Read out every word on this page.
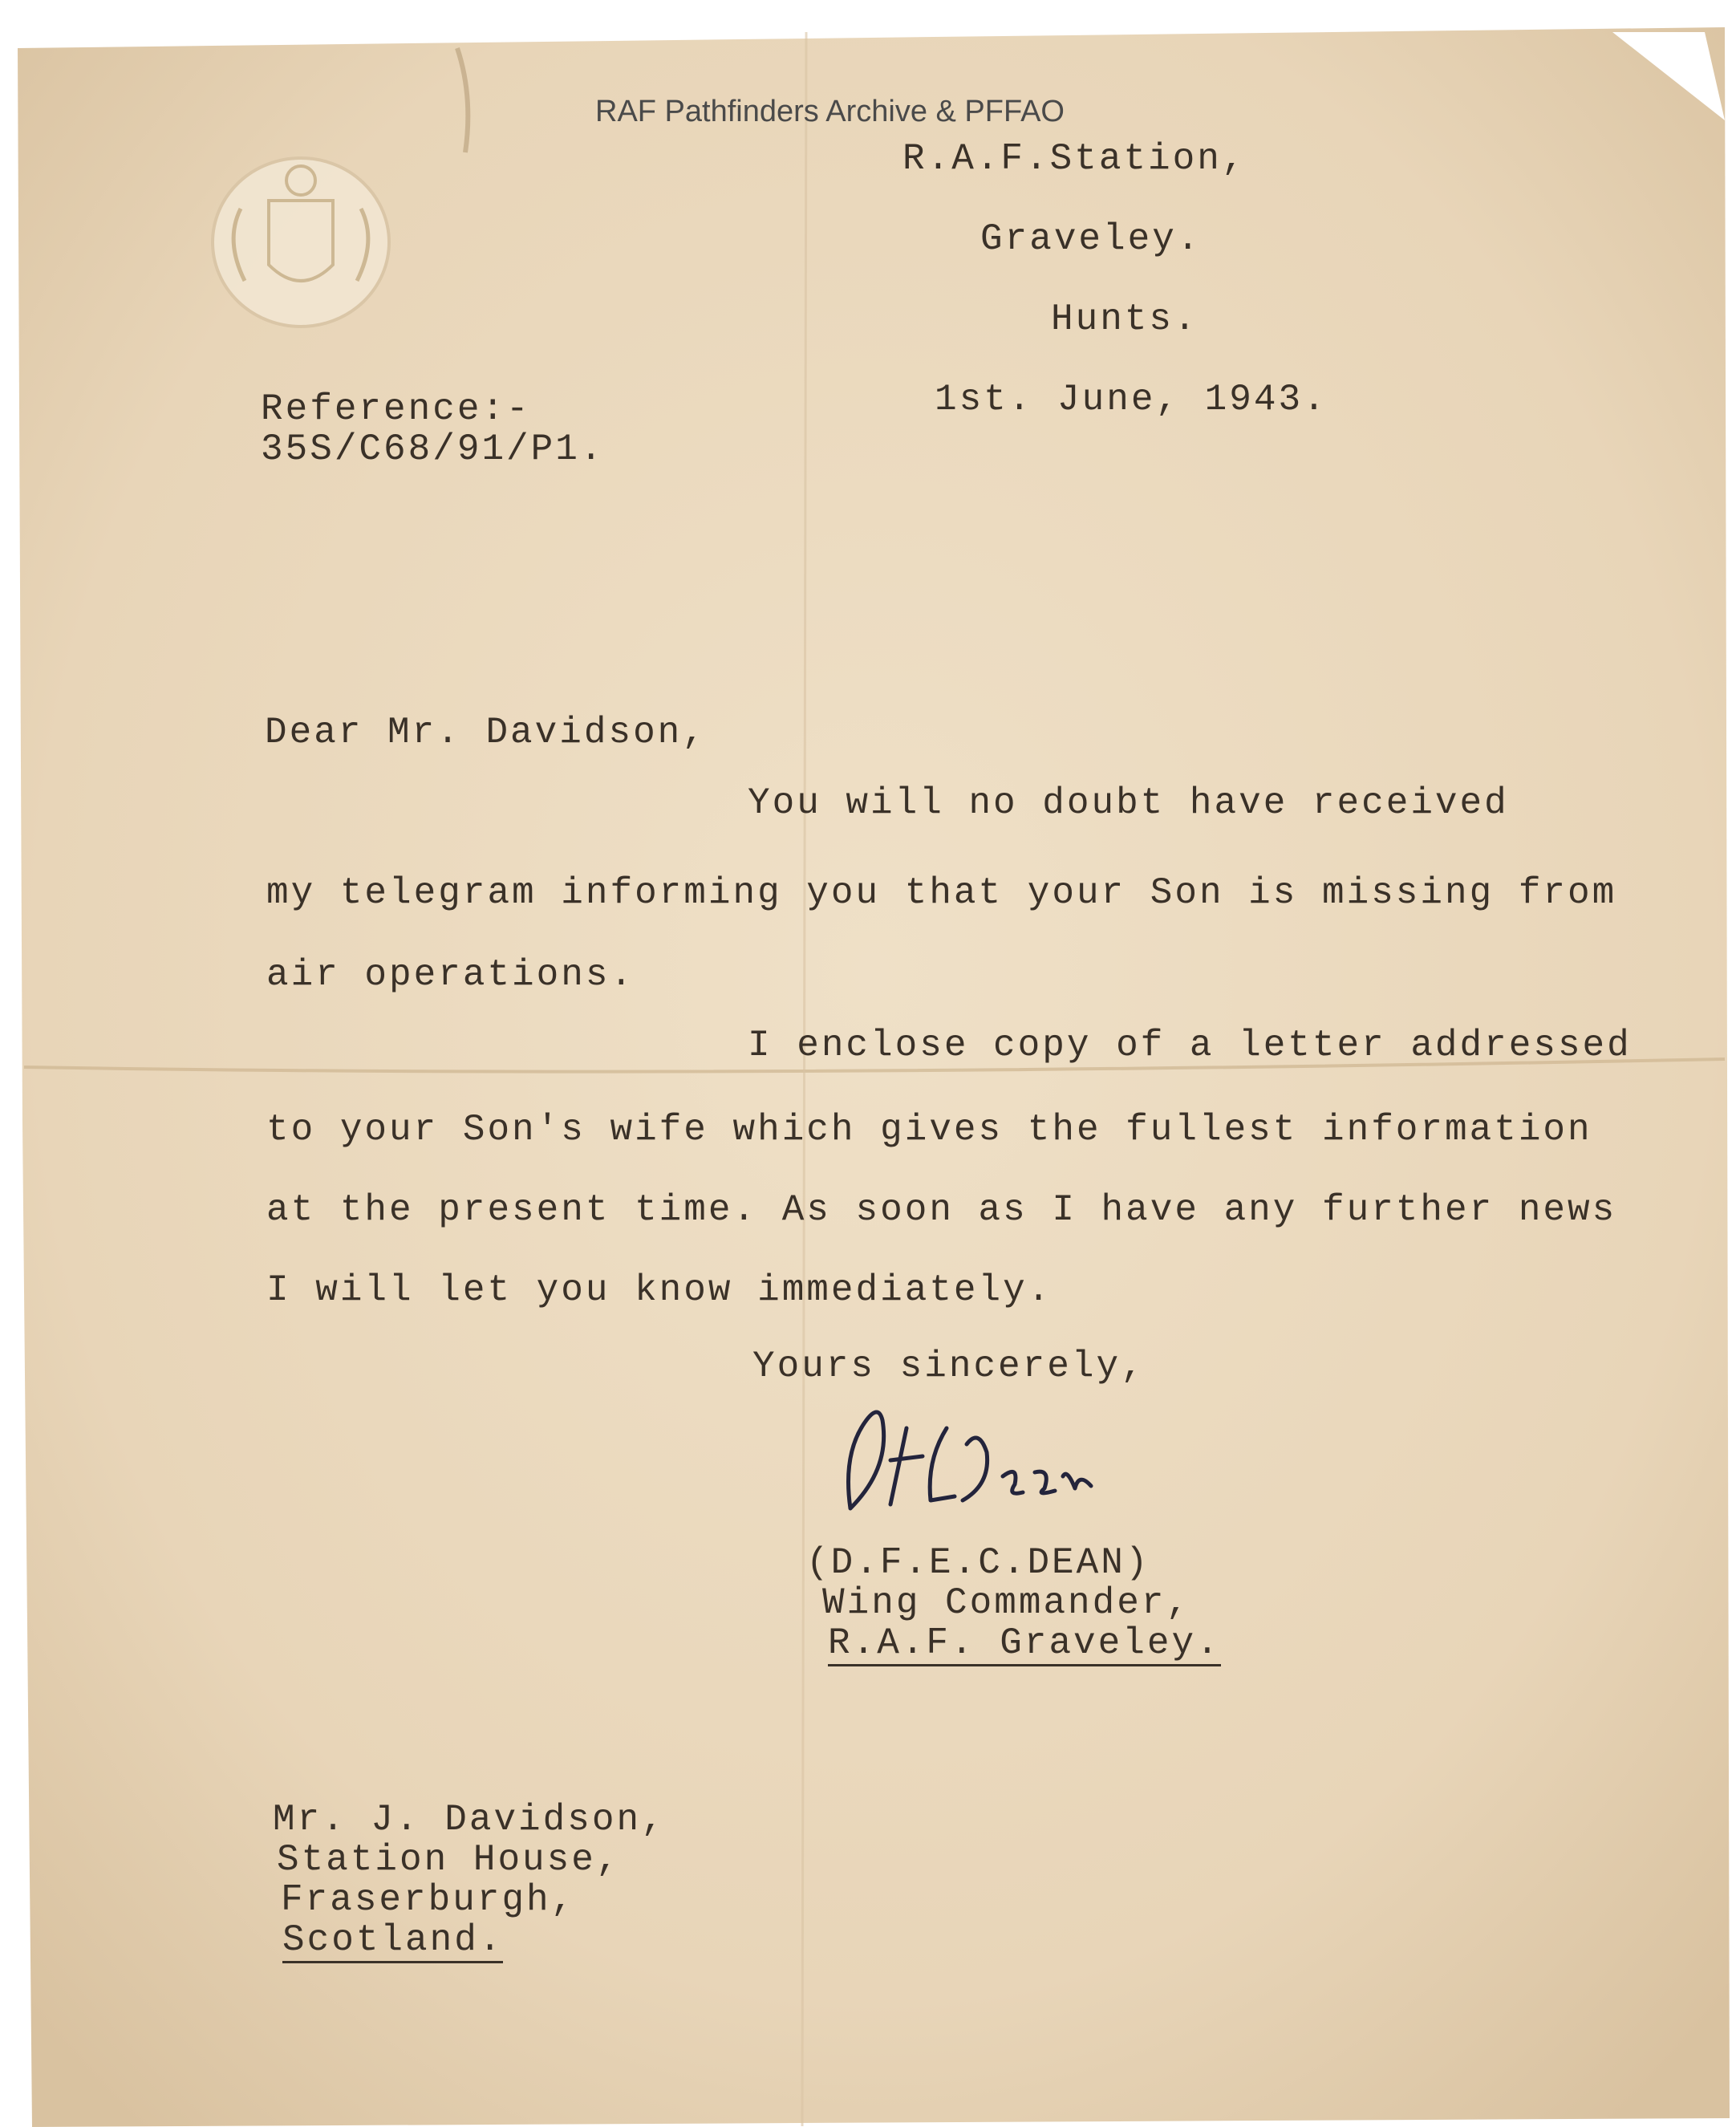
RAF Pathfinders Archive & PFFAO
R.A.F.Station,
Graveley.
Hunts.
1st. June, 1943.
Reference:-
35S/C68/91/P1.
Dear Mr. Davidson,
You will no doubt have received
my telegram informing you that your Son is missing from
air operations.
I enclose copy of a letter addressed
to your Son's wife which gives the fullest information
at the present time. As soon as I have any further news
I will let you know immediately.
Yours sincerely,
(D.F.E.C.DEAN)
Wing Commander,
R.A.F. Graveley.
Mr. J. Davidson,
Station House,
Fraserburgh,
Scotland.
